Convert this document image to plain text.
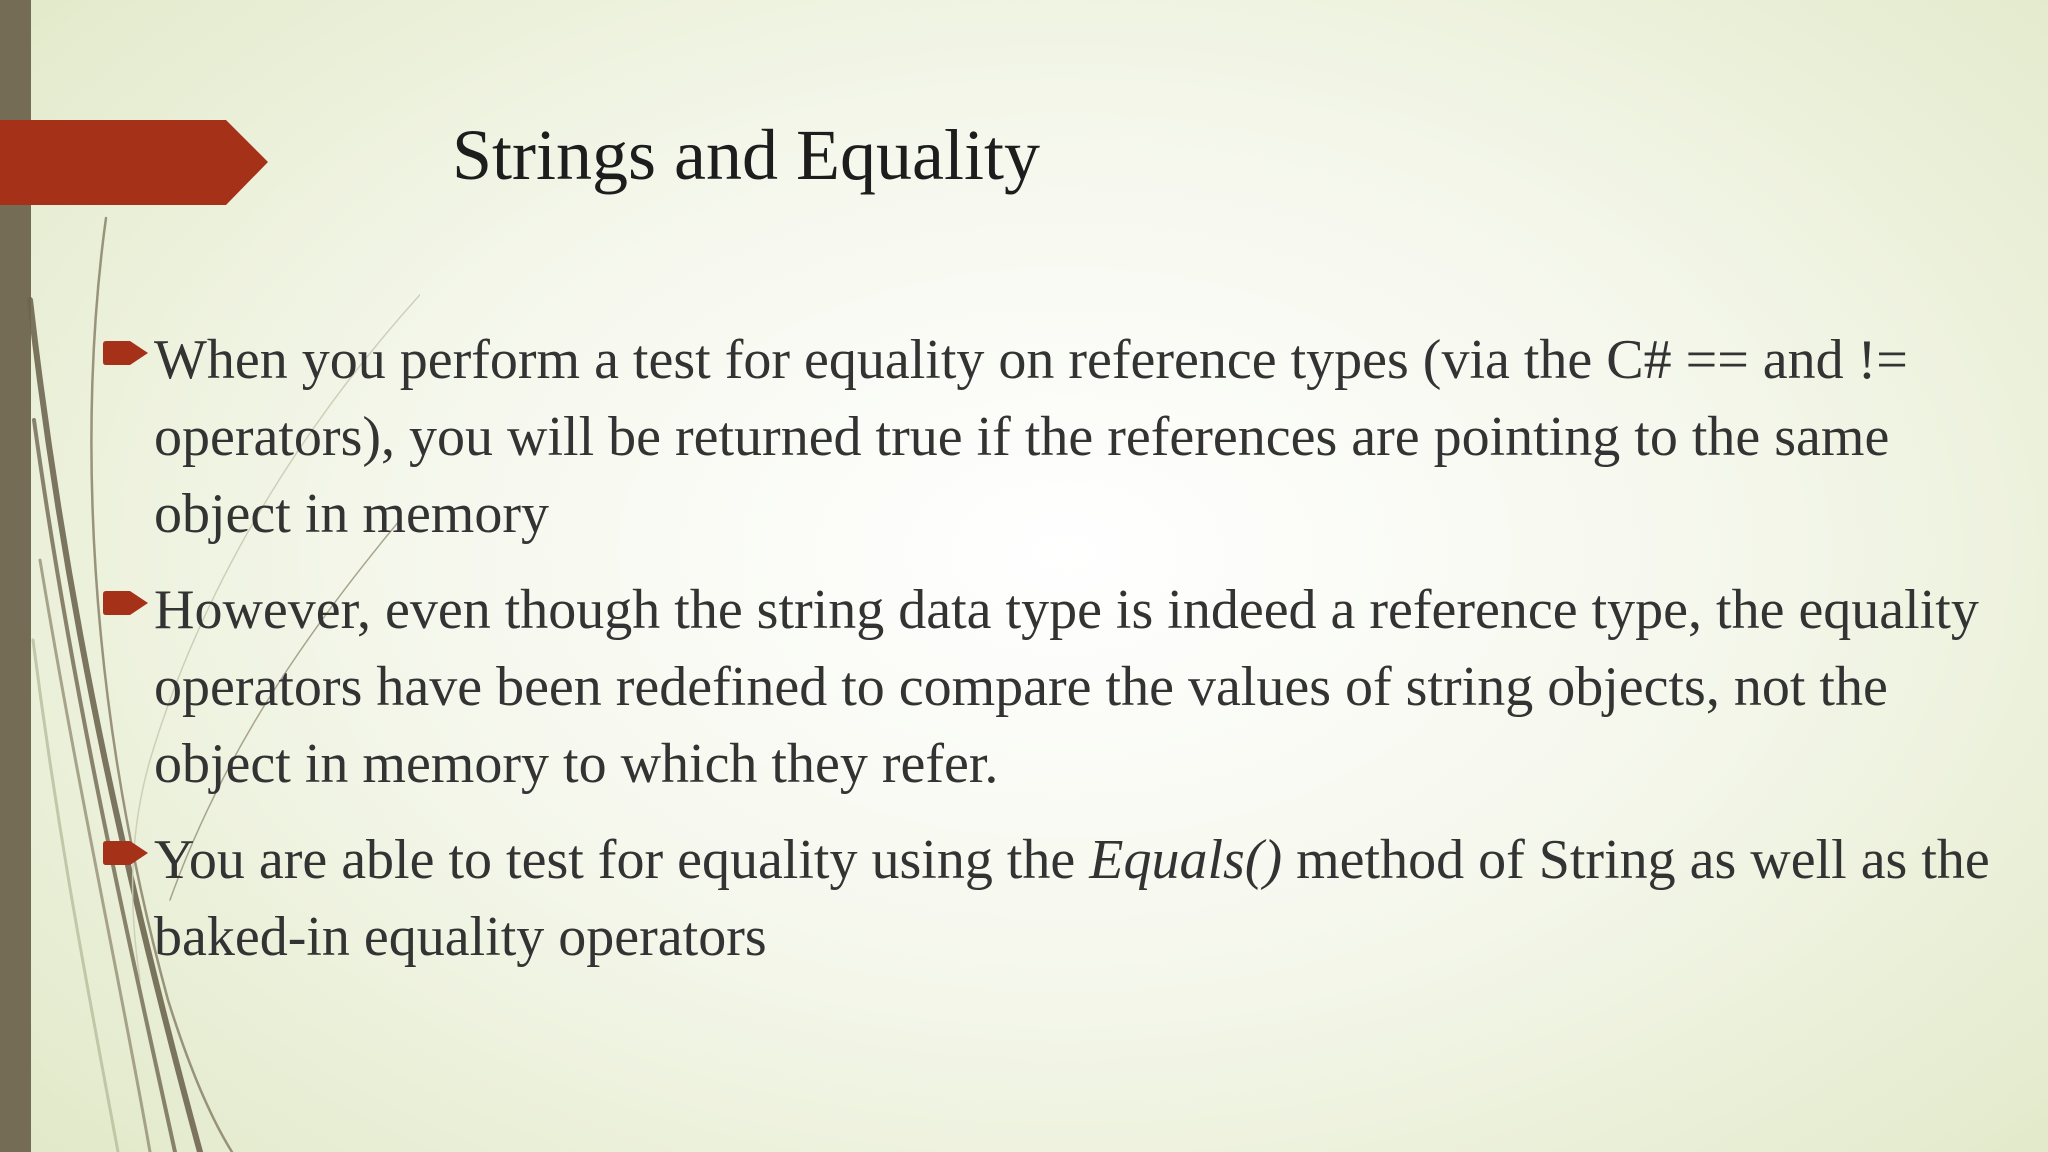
Strings and Equality
When you perform a test for equality on reference types (via the C# == and != operators), you will be returned true if the references are pointing to the same object in memory
However, even though the string data type is indeed a reference type, the equality operators have been redefined to compare the values of string objects, not the object in memory to which they refer.
You are able to test for equality using the Equals() method of String as well as the baked-in equality operators
